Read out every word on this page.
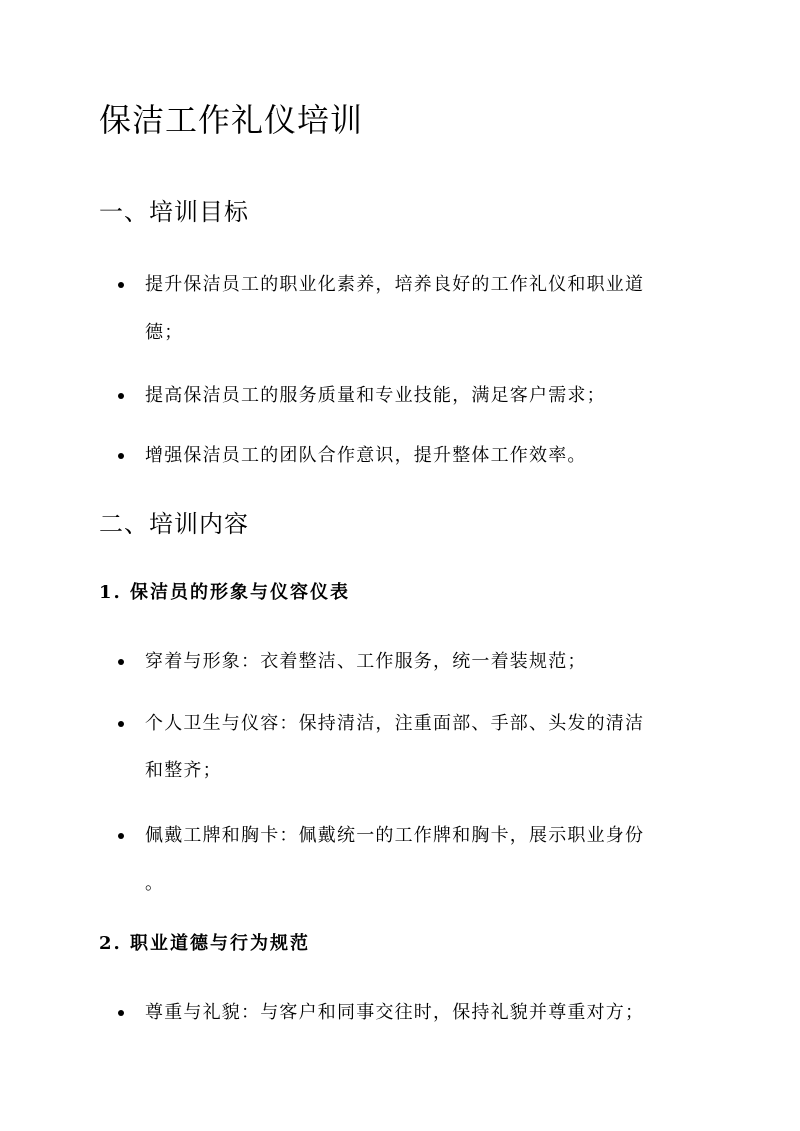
保洁工作礼仪培训
一、培训目标

提升保洁员工的职业化素养，培养良好的工作礼仪和职业道

德；

提高保洁员工的服务质量和专业技能，满足客户需求；

增强保洁员工的团队合作意识，提升整体工作效率。

二、培训内容
1. 保洁员的形象与仪容仪表

穿着与形象：衣着整洁、工作服务，统一着装规范；

个人卫生与仪容：保持清洁，注重面部、手部、头发的清洁

和整齐；

佩戴工牌和胸卡：佩戴统一的工作牌和胸卡，展示职业身份

。

2. 职业道德与行为规范

尊重与礼貌：与客户和同事交往时，保持礼貌并尊重对方；
